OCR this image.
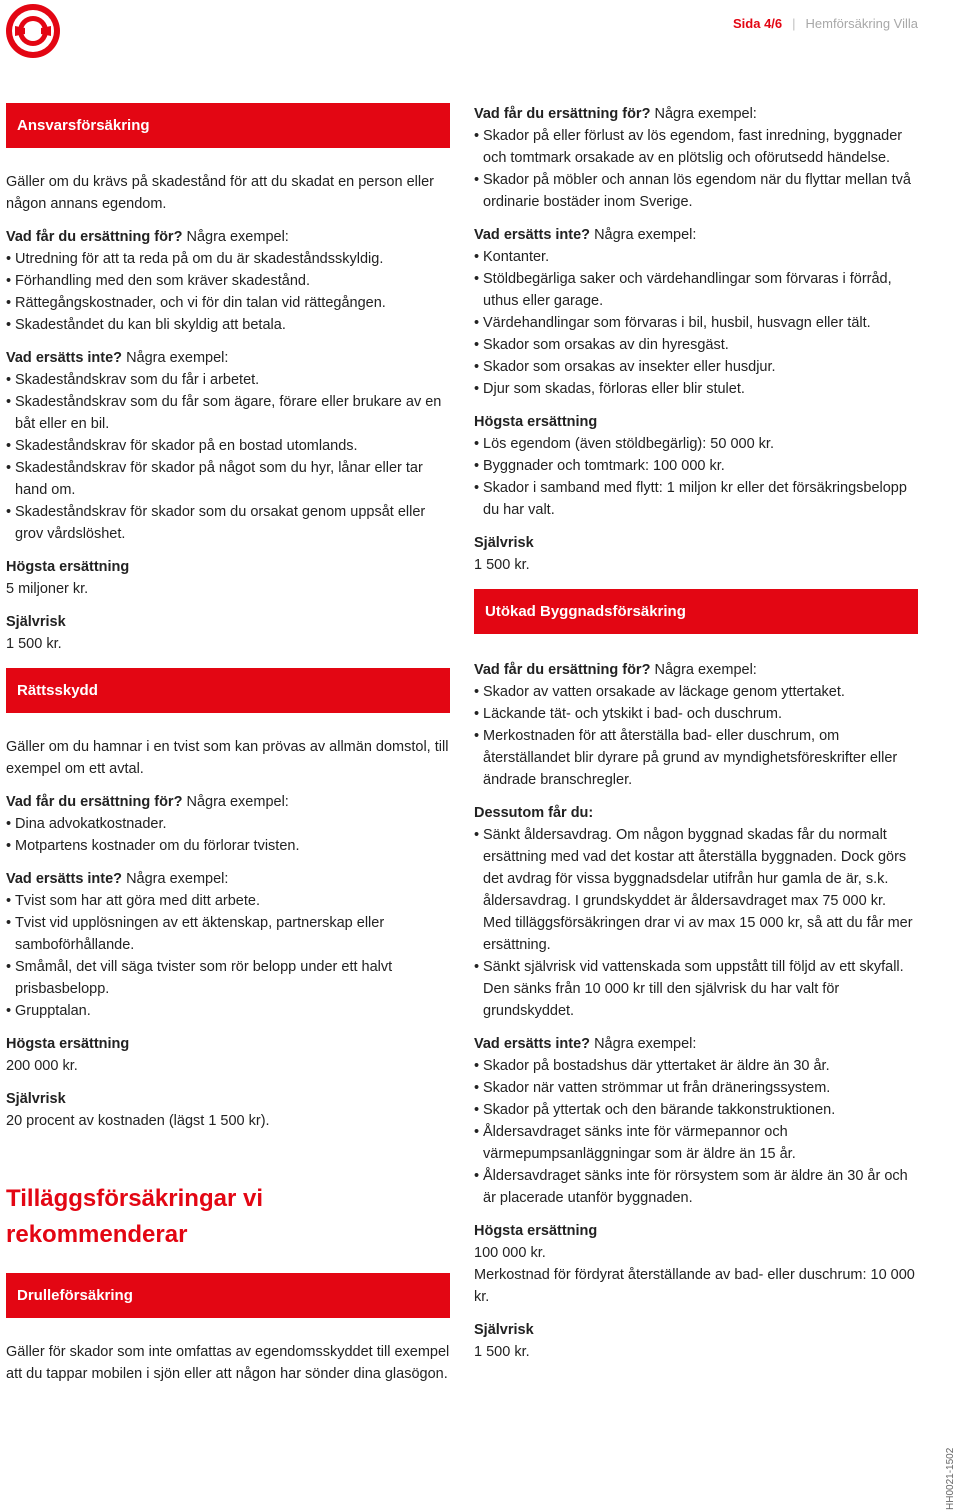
Sida 4/6 | Hemförsäkring Villa
Ansvarsförsäkring

Gäller om du krävs på skadestånd för att du skadat en person eller någon annans egendom.

Vad får du ersättning för? Några exempel:

• Utredning för att ta reda på om du är skadeståndsskyldig.
• Förhandling med den som kräver skadestånd.
• Rättegångskostnader, och vi för din talan vid rättegången.
• Skadeståndet du kan bli skyldig att betala.

Vad ersätts inte? Några exempel:

• Skadeståndskrav som du får i arbetet.
• Skadeståndskrav som du får som ägare, förare eller brukare av en båt eller en bil.
• Skadeståndskrav för skador på en bostad utomlands.
• Skadeståndskrav för skador på något som du hyr, lånar eller tar hand om.
• Skadeståndskrav för skador som du orsakat genom uppsåt eller grov vårdslöshet.

Högsta ersättning

5 miljoner kr.

Självrisk

1 500 kr.

Rättsskydd

Gäller om du hamnar i en tvist som kan prövas av allmän domstol, till exempel om ett avtal.

Vad får du ersättning för? Några exempel:

• Dina advokatkostnader.
• Motpartens kostnader om du förlorar tvisten.

Vad ersätts inte? Några exempel:

• Tvist som har att göra med ditt arbete.
• Tvist vid upplösningen av ett äktenskap, partnerskap eller samboförhållande.
• Småmål, det vill säga tvister som rör belopp under ett halvt prisbasbelopp.
• Grupptalan.

Högsta ersättning

200 000 kr.

Självrisk

20 procent av kostnaden (lägst 1 500 kr).

Tilläggsförsäkringar vi rekommenderar
Drulleförsäkring

Gäller för skador som inte omfattas av egendomsskyddet till exempel att du tappar mobilen i sjön eller att någon har sönder dina glasögon.

Vad får du ersättning för? Några exempel:

• Skador på eller förlust av lös egendom, fast inredning, byggnader och tomtmark orsakade av en plötslig och oförutsedd händelse.
• Skador på möbler och annan lös egendom när du flyttar mellan två ordinarie bostäder inom Sverige.

Vad ersätts inte? Några exempel:

• Kontanter.
• Stöldbegärliga saker och värdehandlingar som förvaras i förråd, uthus eller garage.
• Värdehandlingar som förvaras i bil, husbil, husvagn eller tält.
• Skador som orsakas av din hyresgäst.
• Skador som orsakas av insekter eller husdjur.
• Djur som skadas, förloras eller blir stulet.

Högsta ersättning

• Lös egendom (även stöldbegärlig): 50 000 kr.
• Byggnader och tomtmark: 100 000 kr.
• Skador i samband med flytt: 1 miljon kr eller det försäkringsbelopp du har valt.

Självrisk

1 500 kr.

Utökad Byggnadsförsäkring

Vad får du ersättning för? Några exempel:

• Skador av vatten orsakade av läckage genom yttertaket.
• Läckande tät- och ytskikt i bad- och duschrum.
• Merkostnaden för att återställa bad- eller duschrum, om återställandet blir dyrare på grund av myndighetsföreskrifter eller ändrade branschregler.

Dessutom får du:

• Sänkt åldersavdrag. Om någon byggnad skadas får du normalt ersättning med vad det kostar att återställa byggnaden. Dock görs det avdrag för vissa byggnadsdelar utifrån hur gamla de är, s.k. åldersavdrag. I grundskyddet är åldersavdraget max 75 000 kr. Med tilläggsförsäkringen drar vi av max 15 000 kr, så att du får mer ersättning.
• Sänkt självrisk vid vattenskada som uppstått till följd av ett skyfall. Den sänks från 10 000 kr till den självrisk du har valt för grundskyddet.

Vad ersätts inte? Några exempel:

• Skador på bostadshus där yttertaket är äldre än 30 år.
• Skador när vatten strömmar ut från dräneringssystem.
• Skador på yttertak och den bärande takkonstruktionen.
• Åldersavdraget sänks inte för värmepannor och värmepumpsanläggningar som är äldre än 15 år.
• Åldersavdraget sänks inte för rörsystem som är äldre än 30 år och är placerade utanför byggnaden.

Högsta ersättning

100 000 kr.

Merkostnad för fördyrat återställande av bad- eller duschrum: 10 000 kr.

Självrisk

1 500 kr.

HH0021-1502
